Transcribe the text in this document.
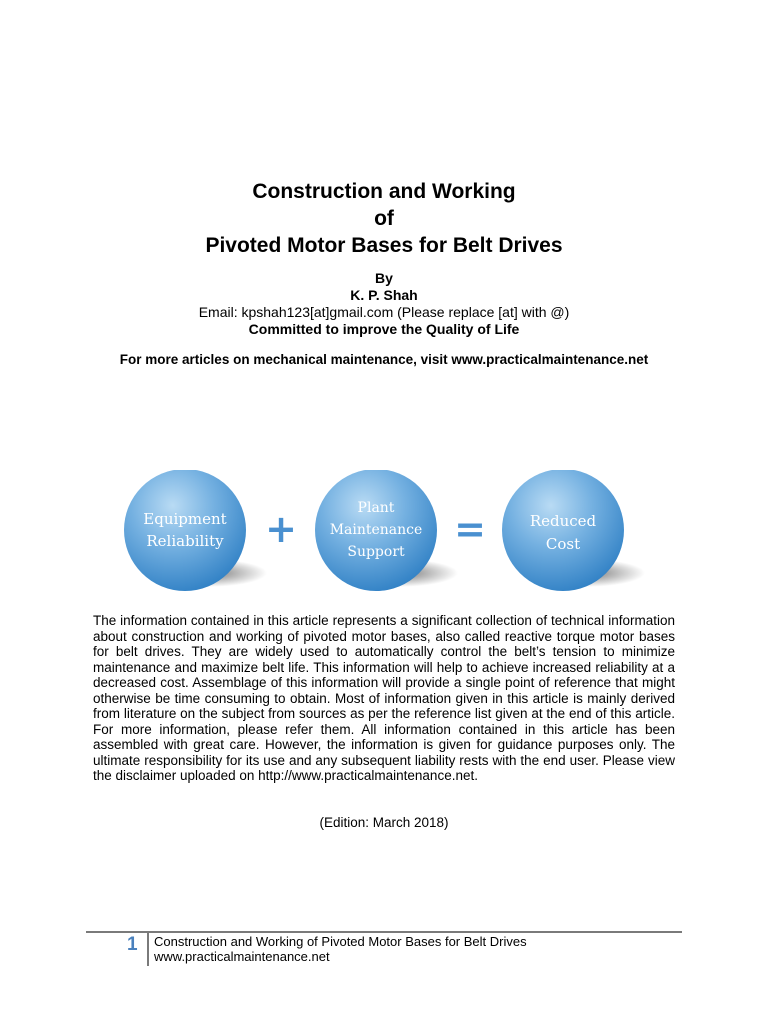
Construction and Working
of
Pivoted Motor Bases for Belt Drives
By
K. P. Shah
Email: kpshah123[at]gmail.com (Please replace [at] with @)
Committed to improve the Quality of Life
For more articles on mechanical maintenance, visit www.practicalmaintenance.net
Equipment
Reliability +	Plant
Maintenance
Support
=	Reduced
Cost
The information contained in this article represents a significant collection of technical information about construction and working of pivoted motor bases, also called reactive torque motor bases for belt drives. They are widely used to automatically control the belt’s tension to minimize maintenance and maximize belt life. This information will help to achieve increased reliability at a decreased cost. Assemblage of this information will provide a single point of reference that might otherwise be time consuming to obtain. Most of information given in this article is mainly derived from literature on the subject from sources as per the reference list given at the end of this article. For more information, please refer them. All information contained in this article has been assembled with great care. However, the information is given for guidance purposes only. The ultimate responsibility for its use and any subsequent liability rests with the end user. Please view the disclaimer uploaded on http://www.practicalmaintenance.net.
(Edition: March 2018)
1 Construction and Working of Pivoted Motor Bases for Belt Drives
www.practicalmaintenance.net
